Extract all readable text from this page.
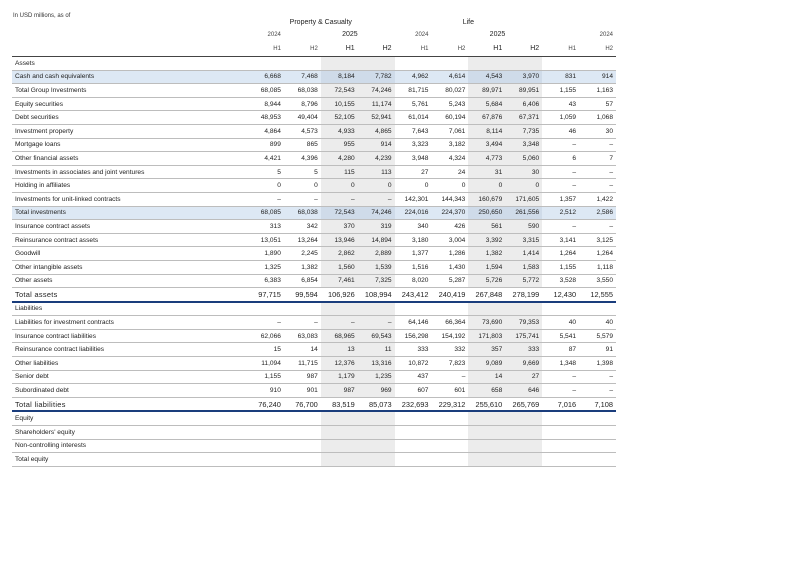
In USD millions, as of
	Property & Casualty				Life					
	2024		2025		2024		2025			2024
	H1	H2	H1	H2	H1	H2	H1	H2	H1	H2
Assets										
Cash and cash equivalents	6,668	7,468	8,184	7,782	4,962	4,614	4,543	3,970	831	914
Total Group Investments	68,085	68,038	72,543	74,246	81,715	80,027	89,971	89,951	1,155	1,163
Equity securities	8,944	8,796	10,155	11,174	5,761	5,243	5,684	6,406	43	57
Debt securities	48,953	49,404	52,105	52,941	61,014	60,194	67,876	67,371	1,059	1,068
Investment property	4,864	4,573	4,933	4,865	7,643	7,061	8,114	7,735	46	30
Mortgage loans	899	865	955	914	3,323	3,182	3,494	3,348	–	–
Other financial assets	4,421	4,396	4,280	4,239	3,948	4,324	4,773	5,060	6	7
Investments in associates and joint ventures	5	5	115	113	27	24	31	30	–	–
Holding in affiliates	0	0	0	0	0	0	0	0	–	–
Investments for unit-linked contracts	–	–	–	–	142,301	144,343	160,679	171,605	1,357	1,422
Total investments	68,085	68,038	72,543	74,246	224,016	224,370	250,650	261,556	2,512	2,586
Insurance contract assets	313	342	370	319	340	426	561	590	–	–
Reinsurance contract assets	13,051	13,264	13,946	14,894	3,180	3,004	3,392	3,315	3,141	3,125
Goodwill	1,890	2,245	2,862	2,889	1,377	1,286	1,382	1,414	1,264	1,264
Other intangible assets	1,325	1,382	1,560	1,539	1,516	1,430	1,594	1,583	1,155	1,118
Other assets	6,383	6,854	7,461	7,325	8,020	5,287	5,726	5,772	3,528	3,550
Total assets	97,715	99,594	106,926	108,994	243,412	240,419	267,848	278,199	12,430	12,555
Liabilities										
Liabilities for investment contracts	–	–	–	–	64,146	66,364	73,690	79,353	40	40
Insurance contract liabilities	62,066	63,083	68,965	69,543	156,298	154,192	171,803	175,741	5,541	5,579
Reinsurance contract liabilities	15	14	13	11	333	332	357	333	87	91
Other liabilities	11,094	11,715	12,376	13,316	10,872	7,823	9,089	9,669	1,348	1,398
Senior debt	1,155	987	1,179	1,235	437	–	14	27	–	–
Subordinated debt	910	901	987	969	607	601	658	646	–	–
Total liabilities	76,240	76,700	83,519	85,073	232,693	229,312	255,610	265,769	7,016	7,108
Equity										
Shareholders' equity										
Non-controlling interests										
Total equity										
